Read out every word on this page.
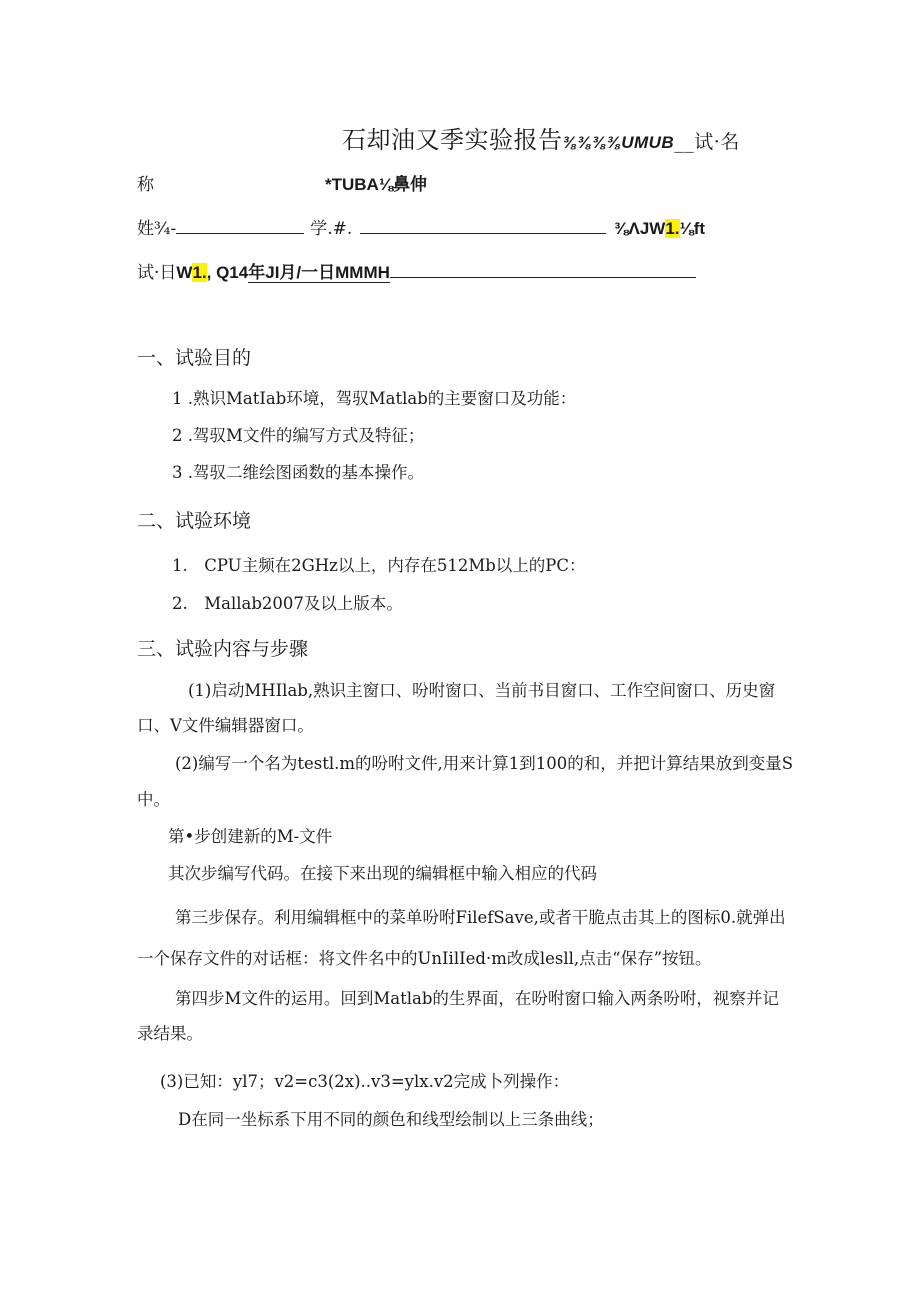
石却油又季实验报告⅜⅜⅜⅜UMUB__试·名
称	*TUBA⅛鼻伸
姓¾-	学.#.	⅜ΛJW1.⅛ft
试·日W1., Q14年JI月/一日MMMH
一、试验目的
1 .熟识MatIab环境，驾驭Matlab的主要窗口及功能：
2 .驾驭M文件的编写方式及特征；
3 .驾驭二维绘图函数的基本操作。
二、试验环境
1.　CPU主频在2GHz以上，内存在512Mb以上的PC：
2.　Mallab2007及以上版本。
三、试验内容与步骤
(1)启动MHIlab,熟识主窗口、吩咐窗口、当前书目窗口、工作空间窗口、历史窗
口、V文件编辑器窗口。
(2)编写一个名为testl.m的吩咐文件,用来计算1到100的和，并把计算结果放到变量S
中。
第•步创建新的M-文件
其次步编写代码。在接下来出现的编辑框中输入相应的代码
第三步保存。利用编辑框中的菜单吩咐FilefSave,或者干脆点击其上的图标0.就弹出
一个保存文件的对话框：将文件名中的UnIilIed·m改成lesll,点击“保存”按钮。
第四步M文件的运用。回到Matlab的生界面，在吩咐窗口输入两条吩咐，视察并记
录结果。
(3)已知：yl7；v2=c3(2x)..v3=ylx.v2完成卜列操作：
D在同一坐标系下用不同的颜色和线型绘制以上三条曲线；
